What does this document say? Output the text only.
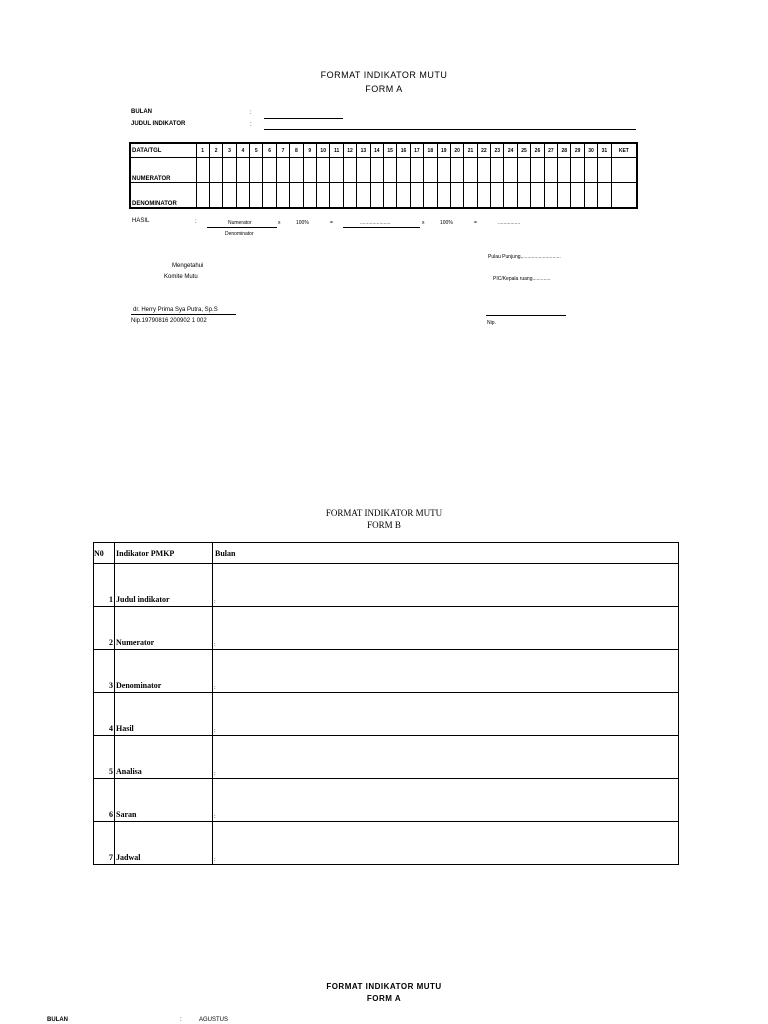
FORMAT INDIKATOR MUTU
FORM A
BULAN	:
JUDUL INDIKATOR	:
DATA/TGL	1	2	3	4	5	6	7	8	9	10	11	12	13	14	15	16	17	18	19	20	21	22	23	24	25	26	27	28	29	30	31	KET
NUMERATOR																																
DENOMINATOR																																
HASIL	:	Numerator
Denominator
x	100%	=	......................	x	100%	=	................
Pulau Punjung,............................
Mengetahui
Komite Mutu	PIC/Kepala ruang.............
dr. Herry Prima Sya Putra, Sp.S
Nip.19790816 200902 1 002	Nip.
FORMAT INDIKATOR MUTU
FORM B
N0	Indikator PMKP	Bulan
1	Judul indikator	:
2	Numerator	:
3	Denominator	:
4	Hasil	:
5	Analisa	:
6	Saran	:
7	Jadwal	:
FORMAT INDIKATOR MUTU
FORM A
BULAN	:	AGUSTUS
